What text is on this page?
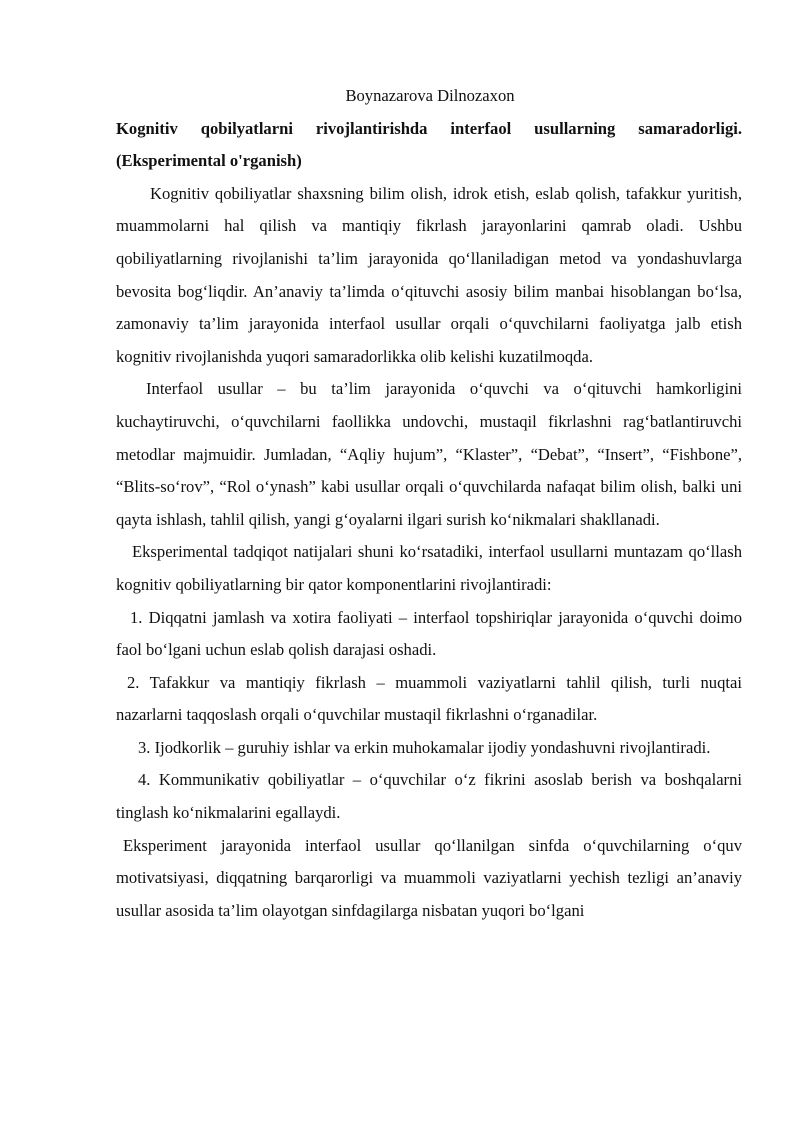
Boynazarova Dilnozaxon

Kognitiv qobilyatlarni rivojlantirishda interfaol usullarning samaradorligi. (Eksperimental o'rganish)

Kognitiv qobiliyatlar shaxsning bilim olish, idrok etish, eslab qolish, tafakkur yuritish, muammolarni hal qilish va mantiqiy fikrlash jarayonlarini qamrab oladi. Ushbu qobiliyatlarning rivojlanishi ta’lim jarayonida qo‘llaniladigan metod va yondashuvlarga bevosita bog‘liqdir. An’anaviy ta’limda o‘qituvchi asosiy bilim manbai hisoblangan bo‘lsa, zamonaviy ta’lim jarayonida interfaol usullar orqali o‘quvchilarni faoliyatga jalb etish kognitiv rivojlanishda yuqori samaradorlikka olib kelishi kuzatilmoqda.

Interfaol usullar – bu ta’lim jarayonida o‘quvchi va o‘qituvchi hamkorligini kuchaytiruvchi, o‘quvchilarni faollikka undovchi, mustaqil fikrlashni rag‘batlantiruvchi metodlar majmuidir. Jumladan, “Aqliy hujum”, “Klaster”, “Debat”, “Insert”, “Fishbone”, “Blits-so‘rov”, “Rol o‘ynash” kabi usullar orqali o‘quvchilarda nafaqat bilim olish, balki uni qayta ishlash, tahlil qilish, yangi g‘oyalarni ilgari surish ko‘nikmalari shakllanadi.

Eksperimental tadqiqot natijalari shuni ko‘rsatadiki, interfaol usullarni muntazam qo‘llash kognitiv qobiliyatlarning bir qator komponentlarini rivojlantiradi:

1. Diqqatni jamlash va xotira faoliyati – interfaol topshiriqlar jarayonida o‘quvchi doimo faol bo‘lgani uchun eslab qolish darajasi oshadi.

2. Tafakkur va mantiqiy fikrlash – muammoli vaziyatlarni tahlil qilish, turli nuqtai nazarlarni taqqoslash orqali o‘quvchilar mustaqil fikrlashni o‘rganadilar.

3. Ijodkorlik – guruhiy ishlar va erkin muhokamalar ijodiy yondashuvni rivojlantiradi.

4. Kommunikativ qobiliyatlar – o‘quvchilar o‘z fikrini asoslab berish va boshqalarni tinglash ko‘nikmalarini egallaydi.

Eksperiment jarayonida interfaol usullar qo‘llanilgan sinfda o‘quvchilarning o‘quv motivatsiyasi, diqqatning barqarorligi va muammoli vaziyatlarni yechish tezligi an’anaviy usullar asosida ta’lim olayotgan sinfdagilarga nisbatan yuqori bo‘lgani
